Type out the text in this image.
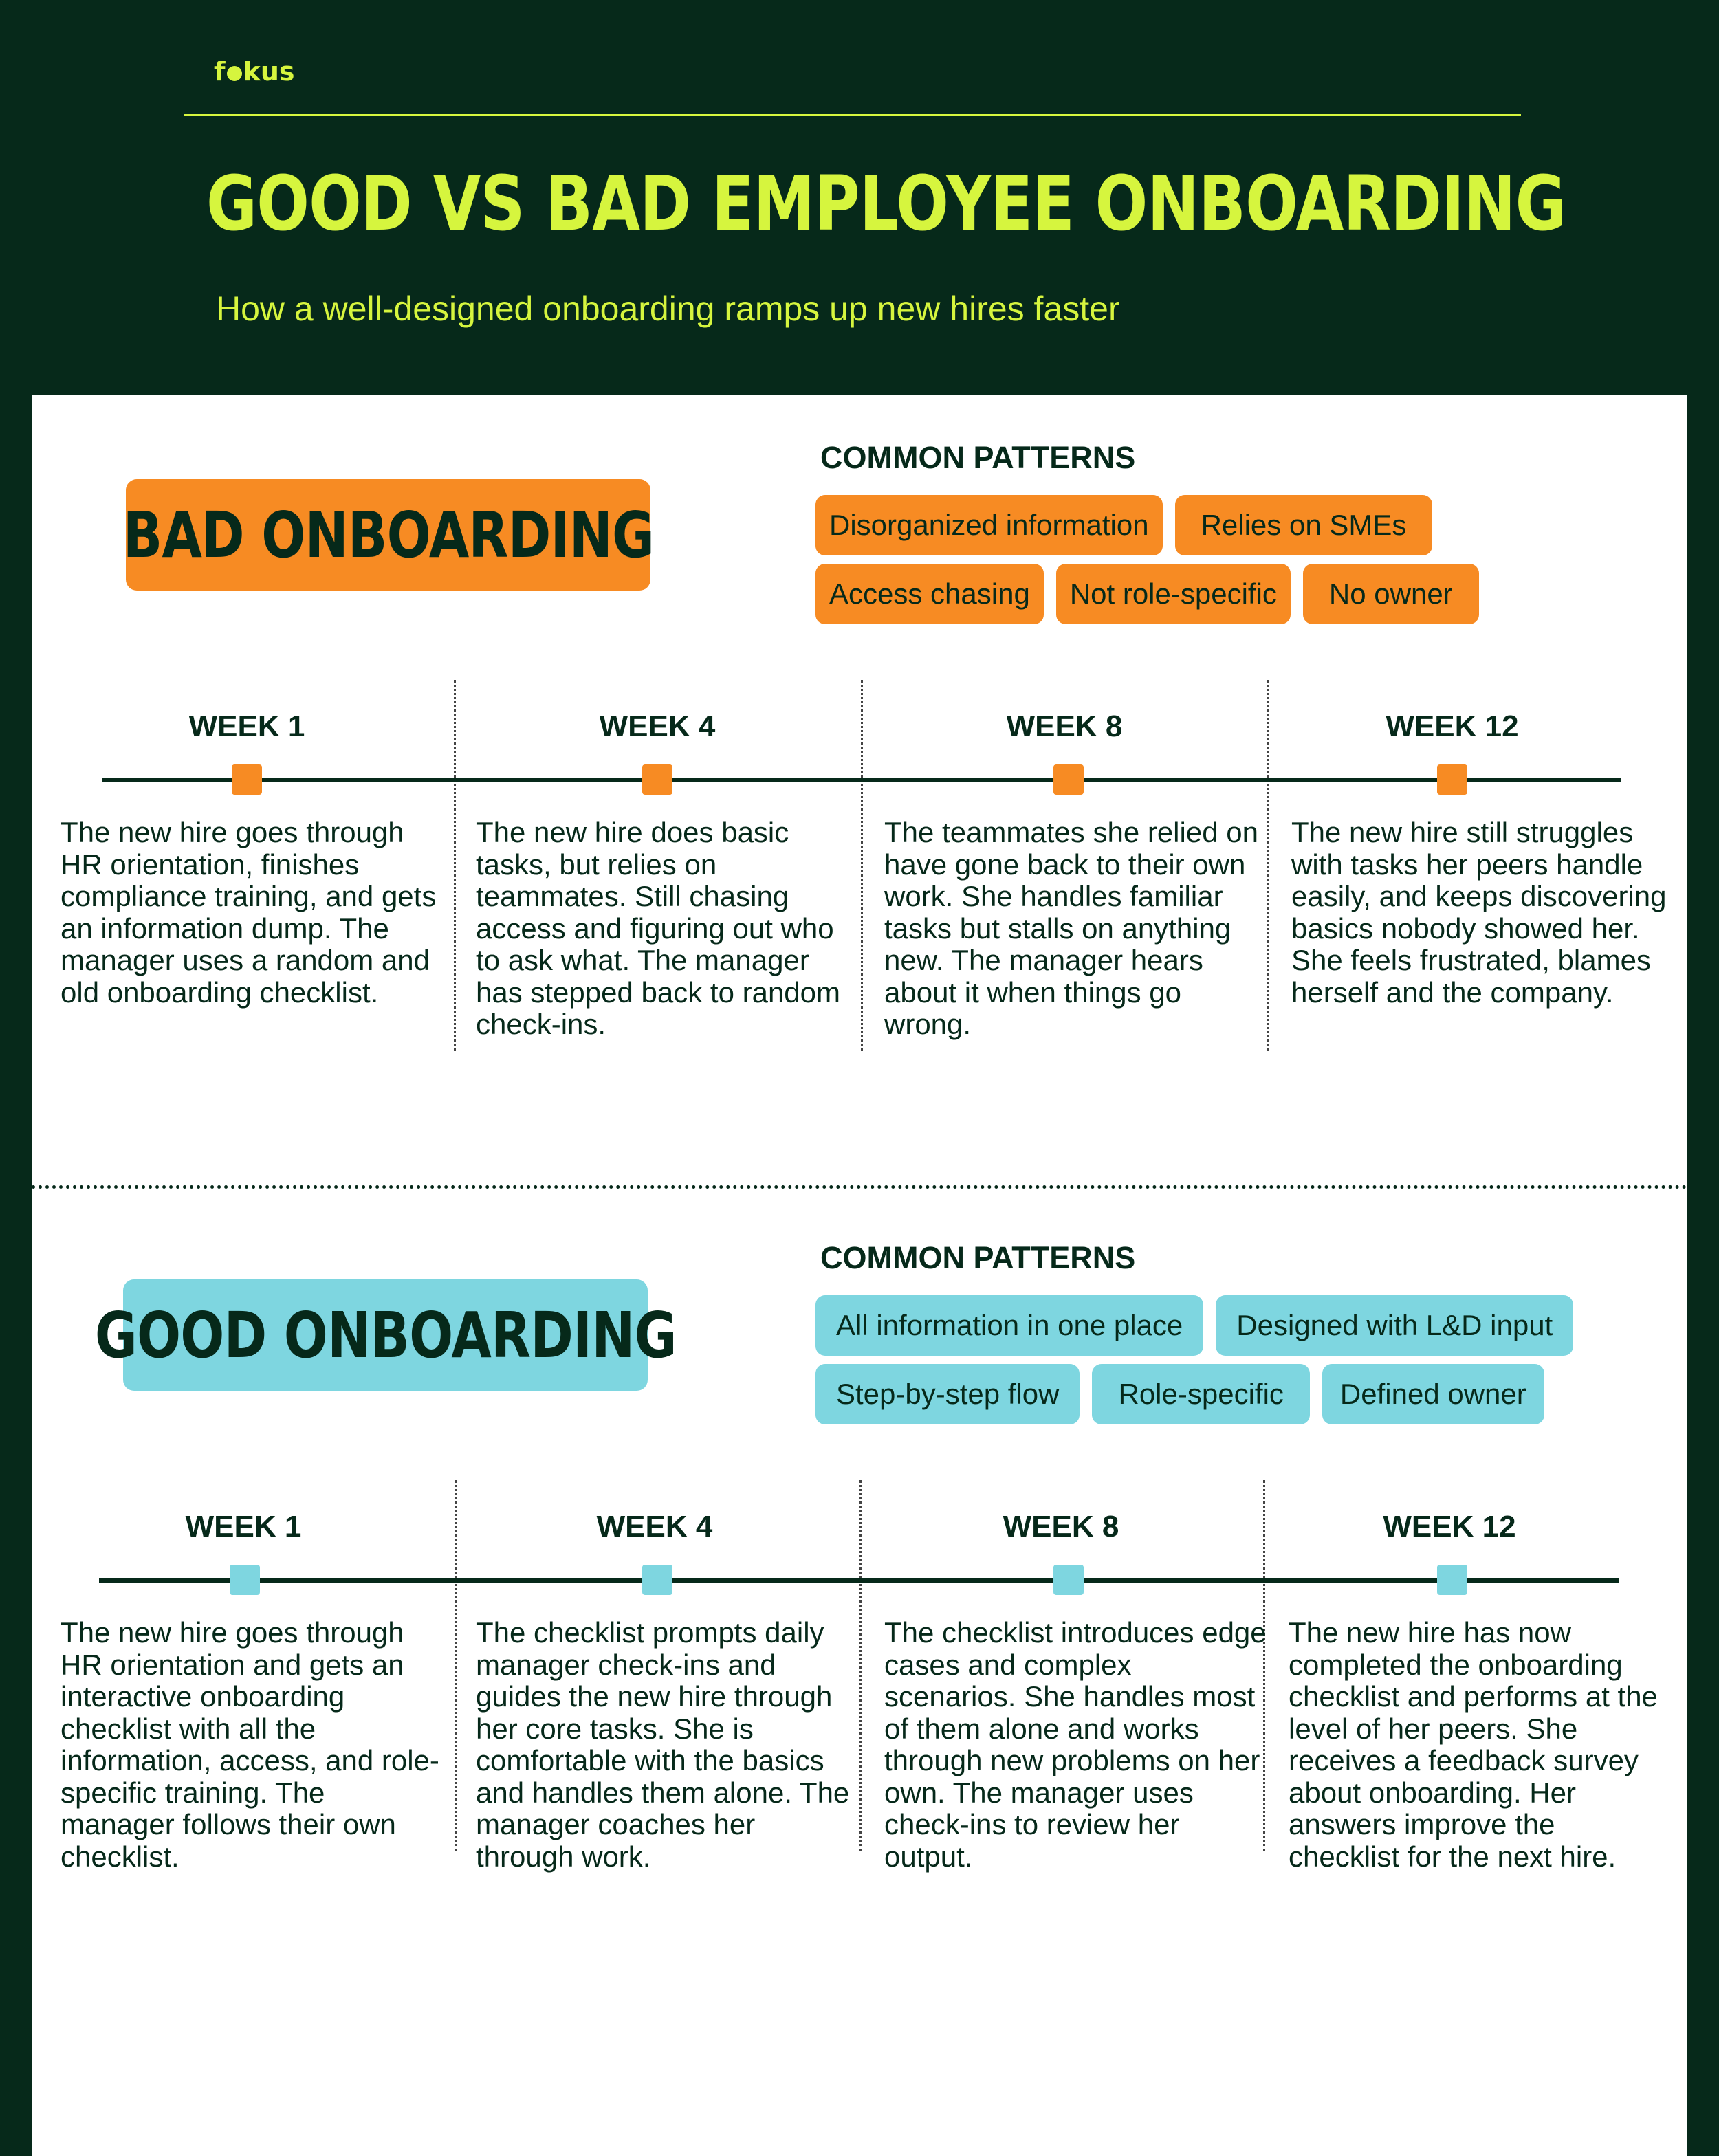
f kus
GOOD VS BAD EMPLOYEE ONBOARDING
How a well-designed onboarding ramps up new hires faster
BAD ONBOARDING
COMMON PATTERNS
Disorganized information	Relies on SMEs
Access chasing	Not role-specific	No owner
WEEK 1	WEEK 4	WEEK 8	WEEK 12
The new hire goes through HR orientation, finishes compliance training, and gets an information dump. The manager uses a random and old onboarding checklist.
The new hire does basic tasks, but relies on teammates. Still chasing access and figuring out who to ask what. The manager has stepped back to random check-ins.
The teammates she relied on have gone back to their own work. She handles familiar tasks but stalls on anything new. The manager hears about it when things go wrong.
The new hire still struggles with tasks her peers handle easily, and keeps discovering basics nobody showed her. She feels frustrated, blames herself and the company.
GOOD ONBOARDING
COMMON PATTERNS
All information in one place	Designed with L&D input
Step-by-step flow	Role-specific	Defined owner
WEEK 1	WEEK 4	WEEK 8	WEEK 12
The new hire goes through HR orientation and gets an interactive onboarding checklist with all the information, access, and role-specific training. The manager follows their own checklist.
The checklist prompts daily manager check-ins and guides the new hire through her core tasks. She is comfortable with the basics and handles them alone. The manager coaches her through work.
The checklist introduces edge cases and complex scenarios. She handles most of them alone and works through new problems on her own. The manager uses check-ins to review her output.
The new hire has now completed the onboarding checklist and performs at the level of her peers. She receives a feedback survey about onboarding. Her answers improve the checklist for the next hire.
